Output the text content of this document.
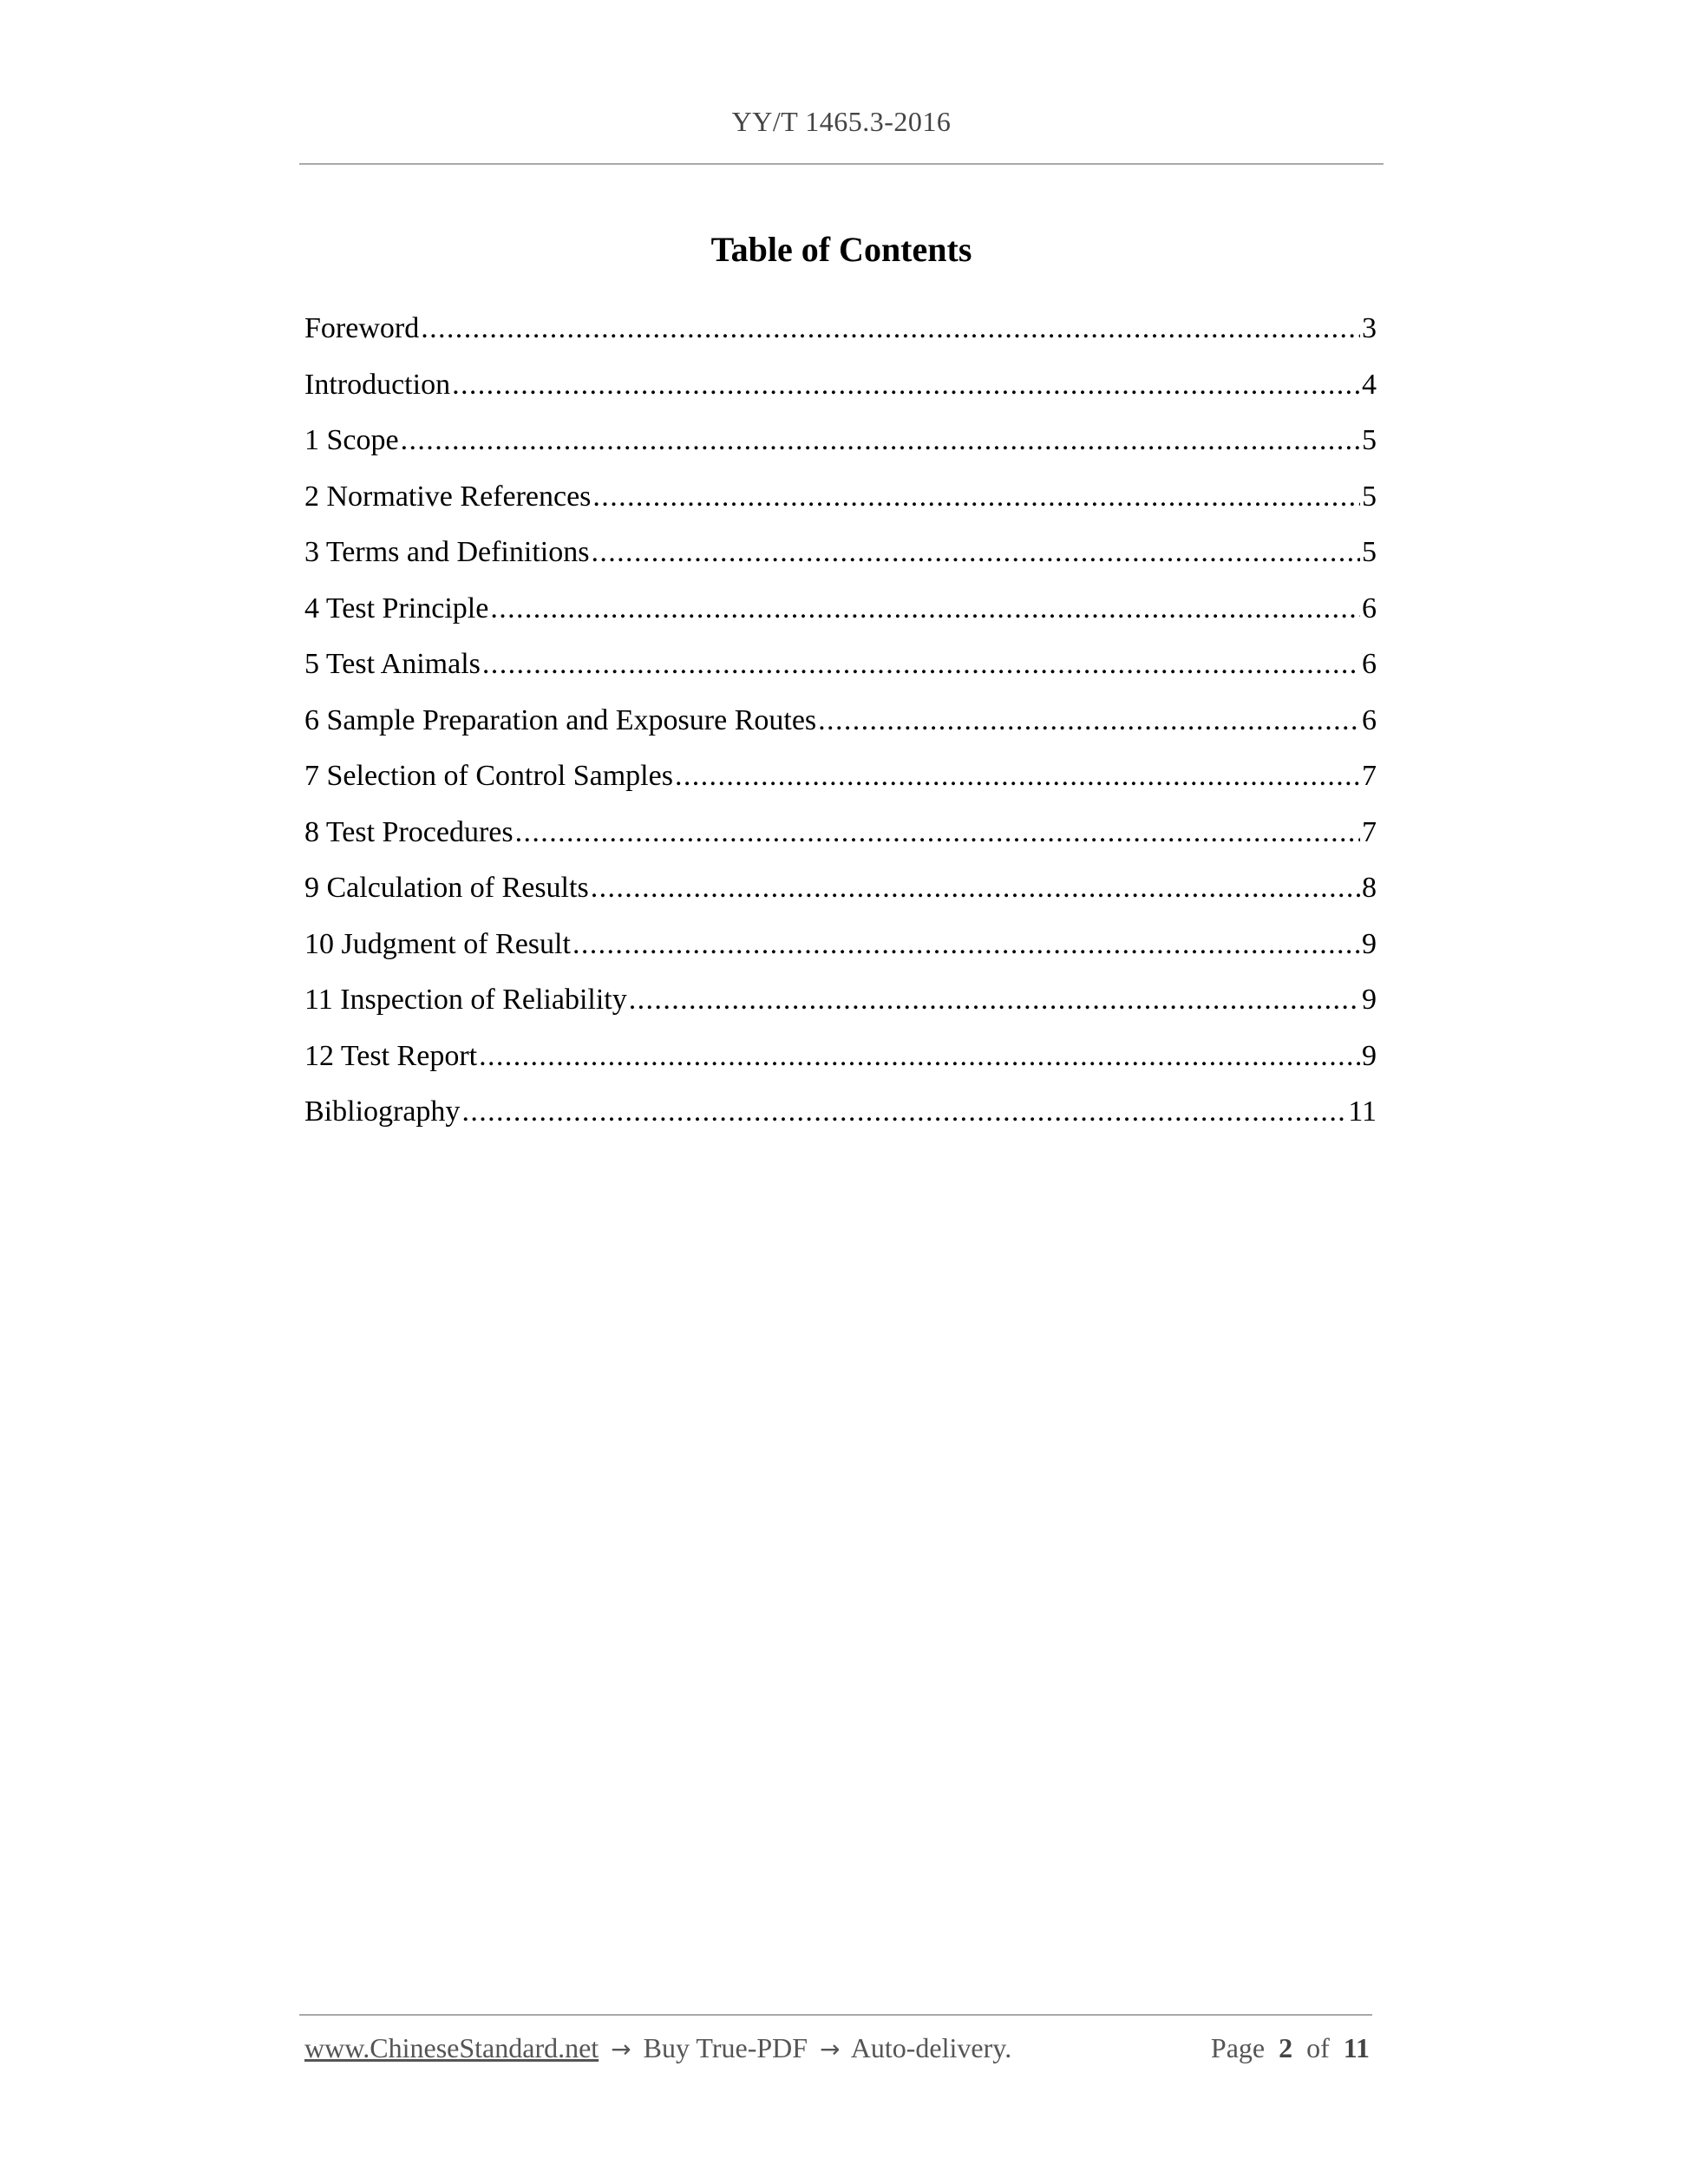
YY/T 1465.3-2016
Table of Contents
Foreword .....	3
Introduction .....	4
1 Scope .....	5
2 Normative References .....	5
3 Terms and Definitions .....	5
4 Test Principle .....	6
5 Test Animals .....	6
6 Sample Preparation and Exposure Routes .....	6
7 Selection of Control Samples .....	7
8 Test Procedures .....	7
9 Calculation of Results .....	8
10 Judgment of Result .....	9
11 Inspection of Reliability .....	9
12 Test Report .....	9
Bibliography .....	11
www.ChineseStandard.net → Buy True-PDF → Auto-delivery.	Page 2 of 11
